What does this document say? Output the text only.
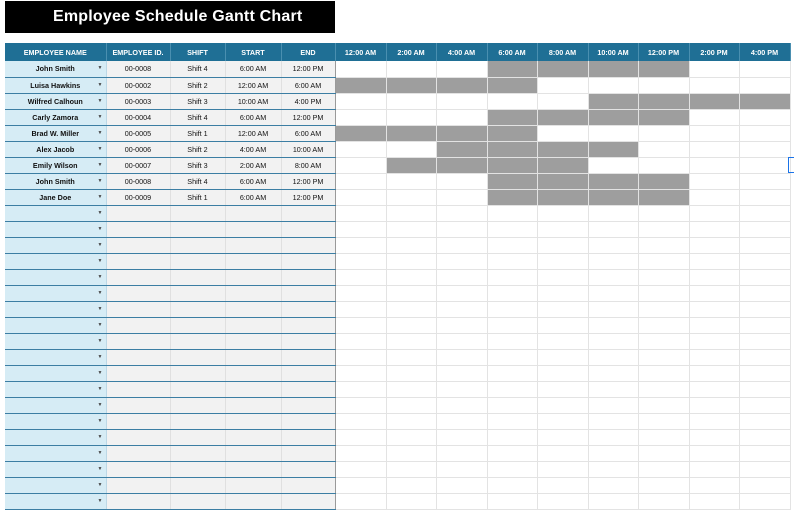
Employee Schedule Gantt Chart
EMPLOYEE NAME	EMPLOYEE ID.	SHIFT	START	END	12:00 AM	2:00 AM	4:00 AM	6:00 AM	8:00 AM	10:00 AM	12:00 PM	2:00 PM	4:00 PM
John Smith ▼	00-0008	Shift 4	6:00 AM	12:00 PM									
Luisa Hawkins ▼	00-0002	Shift 2	12:00 AM	6:00 AM									
Wilfred Calhoun ▼	00-0003	Shift 3	10:00 AM	4:00 PM									
Carly Zamora ▼	00-0004	Shift 4	6:00 AM	12:00 PM									
Brad W. Miller ▼	00-0005	Shift 1	12:00 AM	6:00 AM									
Alex Jacob ▼	00-0006	Shift 2	4:00 AM	10:00 AM									
Emily Wilson ▼	00-0007	Shift 3	2:00 AM	8:00 AM									
John Smith ▼	00-0008	Shift 4	6:00 AM	12:00 PM									
Jane Doe ▼	00-0009	Shift 1	6:00 AM	12:00 PM									

▼													

▼													

▼													

▼													

▼													

▼													

▼													

▼													

▼													

▼													

▼													

▼													

▼													

▼													

▼													

▼													

▼													

▼													

▼													
